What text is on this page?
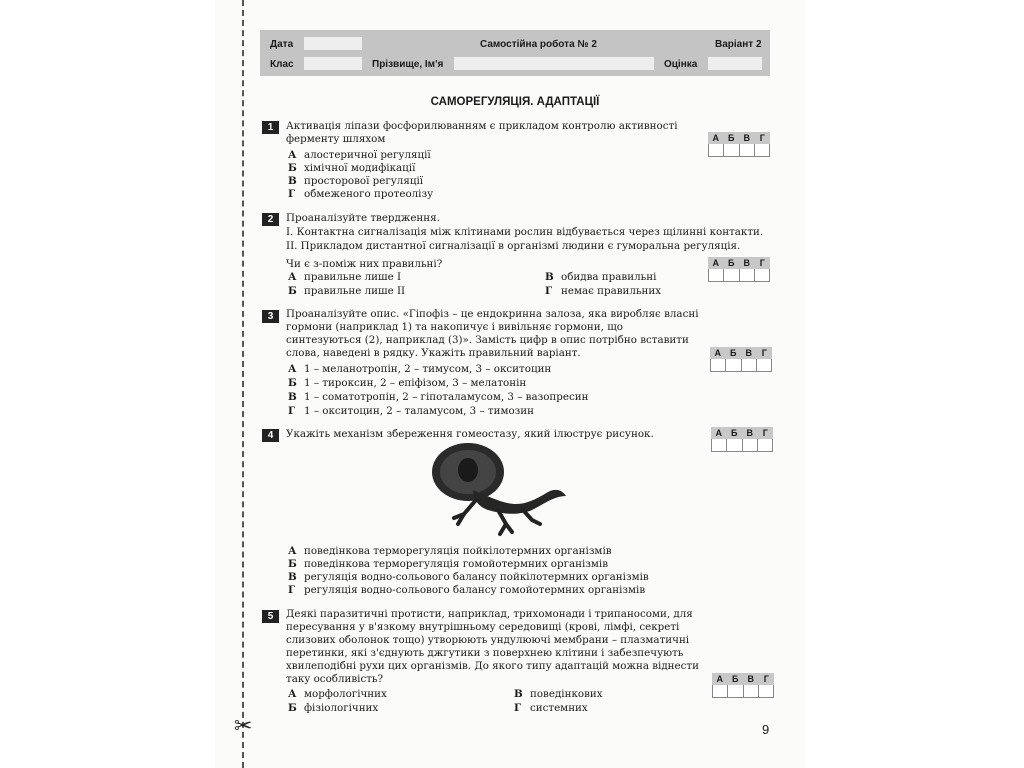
✂
Дата	Самостійна робота № 2	Варіант 2
Клас	Прізвище, Ім'я	Оцінка
САМОРЕГУЛЯЦІЯ. АДАПТАЦІЇ
1	Активація ліпази фосфорилюванням є прикладом контролю активності
ферменту шляхом
А алостеричної регуляції
Б хімічної модифікації
В просторової регуляції
Г обмеженого протеолізу
А	Б	В	Г
2	Проаналізуйте твердження.
I. Контактна сигналізація між клітинами рослин відбувається через щілинні контакти.
II. Прикладом дистантної сигналізації в організмі людини є гуморальна регуляція.
Чи є з-поміж них правильні?
А правильне лише I
Б правильне лише II
В обидва правильні
Г немає правильних
А	Б	В	Г
3	Проаналізуйте опис. «Гіпофіз – це ендокринна залоза, яка виробляє власні
гормони (наприклад 1) та накопичує і вивільняє гормони, що
синтезуються (2), наприклад (3)». Замість цифр в опис потрібно вставити
слова, наведені в рядку. Укажіть правильний варіант.
А 1 – меланотропін, 2 – тимусом, 3 – окситоцин
Б 1 – тироксин, 2 – епіфізом, 3 – мелатонін
В 1 – соматотропін, 2 – гіпоталамусом, 3 – вазопресин
Г 1 – окситоцин, 2 – таламусом, 3 – тимозин
А	Б	В	Г
4	Укажіть механізм збереження гомеостазу, який ілюструє рисунок.	А	Б	В	Г
А поведінкова терморегуляція пойкілотермних організмів
Б поведінкова терморегуляція гомойотермних організмів
В регуляція водно-сольового балансу пойкілотермних організмів
Г регуляція водно-сольового балансу гомойотермних організмів
5	Деякі паразитичні протисти, наприклад, трихомонади і трипаносоми, для
пересування у в'язкому внутрішньому середовищі (крові, лімфі, секреті
слизових оболонок тощо) утворюють ундулюючі мембрани – плазматичні
перетинки, які з'єднують джгутики з поверхнею клітини і забезпечують
хвилеподібні рухи цих організмів. До якого типу адаптацій можна віднести
таку особливість?
А морфологічних
Б фізіологічних
В поведінкових
Г системних
А	Б	В	Г
9
